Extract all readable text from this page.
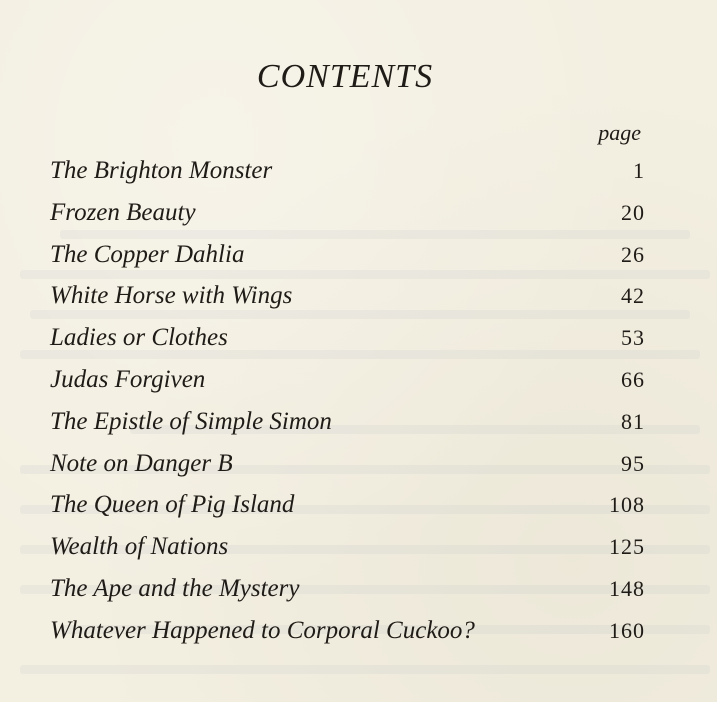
CONTENTS
page
The Brighton Monster	1
Frozen Beauty	20
The Copper Dahlia	26
White Horse with Wings	42
Ladies or Clothes	53
Judas Forgiven	66
The Epistle of Simple Simon	81
Note on Danger B	95
The Queen of Pig Island	108
Wealth of Nations	125
The Ape and the Mystery	148
Whatever Happened to Corporal Cuckoo?	160
